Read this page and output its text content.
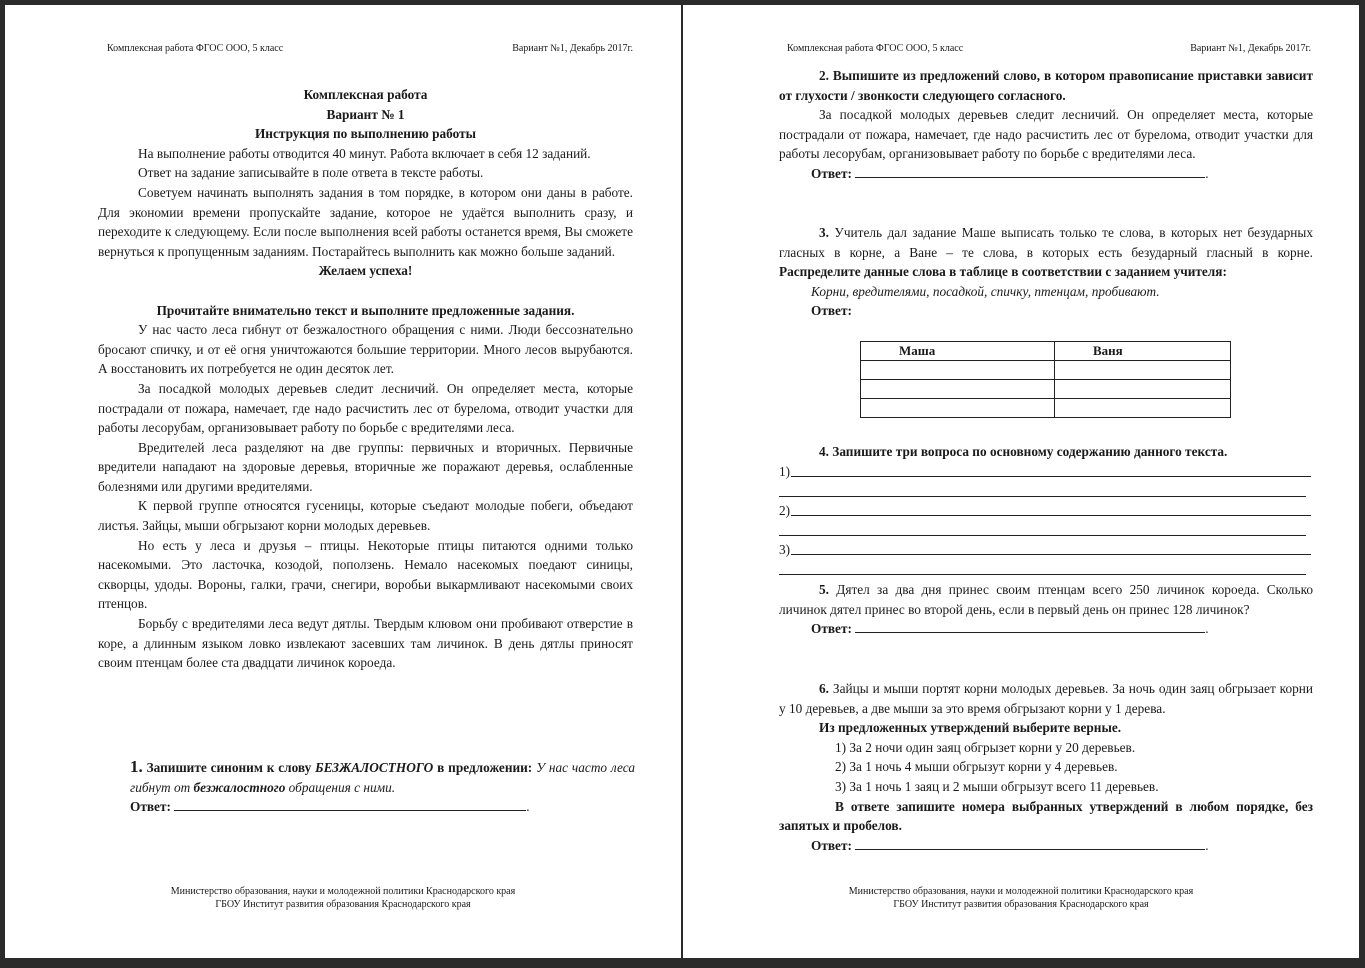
Комплексная работа ФГОС ООО, 5 класс	Вариант №1, Декабрь 2017г.

Комплексная работа

Вариант № 1

Инструкция по выполнению работы

На выполнение работы отводится 40 минут. Работа включает в себя 12 заданий.

Ответ на задание записывайте в поле ответа в тексте работы.

Советуем начинать выполнять задания в том порядке, в котором они даны в работе. Для экономии времени пропускайте задание, которое не удаётся выполнить сразу, и переходите к следующему. Если после выполнения всей работы останется время, Вы сможете вернуться к пропущенным заданиям. Постарайтесь выполнить как можно больше заданий.

Желаем успеха!

Прочитайте внимательно текст и выполните предложенные задания.

У нас часто леса гибнут от безжалостного обращения с ними. Люди бессознательно бросают спичку, и от её огня уничтожаются большие территории. Много лесов вырубаются. А восстановить их потребуется не один десяток лет.

За посадкой молодых деревьев следит лесничий. Он определяет места, которые пострадали от пожара, намечает, где надо расчистить лес от бурелома, отводит участки для работы лесорубам, организовывает работу по борьбе с вредителями леса.

Вредителей леса разделяют на две группы: первичных и вторичных. Первичные вредители нападают на здоровые деревья, вторичные же поражают деревья, ослабленные болезнями или другими вредителями.

К первой группе относятся гусеницы, которые съедают молодые побеги, объедают листья. Зайцы, мыши обгрызают корни молодых деревьев.

Но есть у леса и друзья – птицы. Некоторые птицы питаются одними только насекомыми. Это ласточка, козодой, поползень. Немало насекомых поедают синицы, скворцы, удоды. Вороны, галки, грачи, снегири, воробьи выкармливают насекомыми своих птенцов.

Борьбу с вредителями леса ведут дятлы. Твердым клювом они пробивают отверстие в коре, а длинным языком ловко извлекают засевших там личинок. В день дятлы приносят своим птенцам более ста двадцати личинок короеда.

1. Запишите синоним к слову БЕЗЖАЛОСТНОГО в предложении: У нас часто леса гибнут от безжалостного обращения с ними.
Ответ:	.
Министерство образования, науки и молодежной политики Краснодарского края
ГБОУ Институт развития образования Краснодарского края
Комплексная работа ФГОС ООО, 5 класс	Вариант №1, Декабрь 2017г.

2. Выпишите из предложений слово, в котором правописание приставки зависит от глухости / звонкости следующего согласного.

За посадкой молодых деревьев следит лесничий. Он определяет места, которые пострадали от пожара, намечает, где надо расчистить лес от бурелома, отводит участки для работы лесорубам, организовывает работу по борьбе с вредителями леса.

Ответ:	.

3. Учитель дал задание Маше выписать только те слова, в которых нет безударных гласных в корне, а Ване – те слова, в которых есть безударный гласный в корне. Распределите данные слова в таблице в соответствии с заданием учителя:

Корни, вредителями, посадкой, спичку, птенцам, пробивают.

Ответ:

Маша	Ваня

4. Запишите три вопроса по основному содержанию данного текста.

1)
2)
3)

5. Дятел за два дня принес своим птенцам всего 250 личинок короеда. Сколько личинок дятел принес во второй день, если в первый день он принес 128 личинок?

Ответ:	.

6. Зайцы и мыши портят корни молодых деревьев. За ночь один заяц обгрызает корни у 10 деревьев, а две мыши за это время обгрызают корни у 1 дерева.

Из предложенных утверждений выберите верные.

1) За 2 ночи один заяц обгрызет корни у 20 деревьев.

2) За 1 ночь 4 мыши обгрызут корни у 4 деревьев.

3) За 1 ночь 1 заяц и 2 мыши обгрызут всего 11 деревьев.

В ответе запишите номера выбранных утверждений в любом порядке, без запятых и пробелов.

Ответ:	.

Министерство образования, науки и молодежной политики Краснодарского края
ГБОУ Институт развития образования Краснодарского края
